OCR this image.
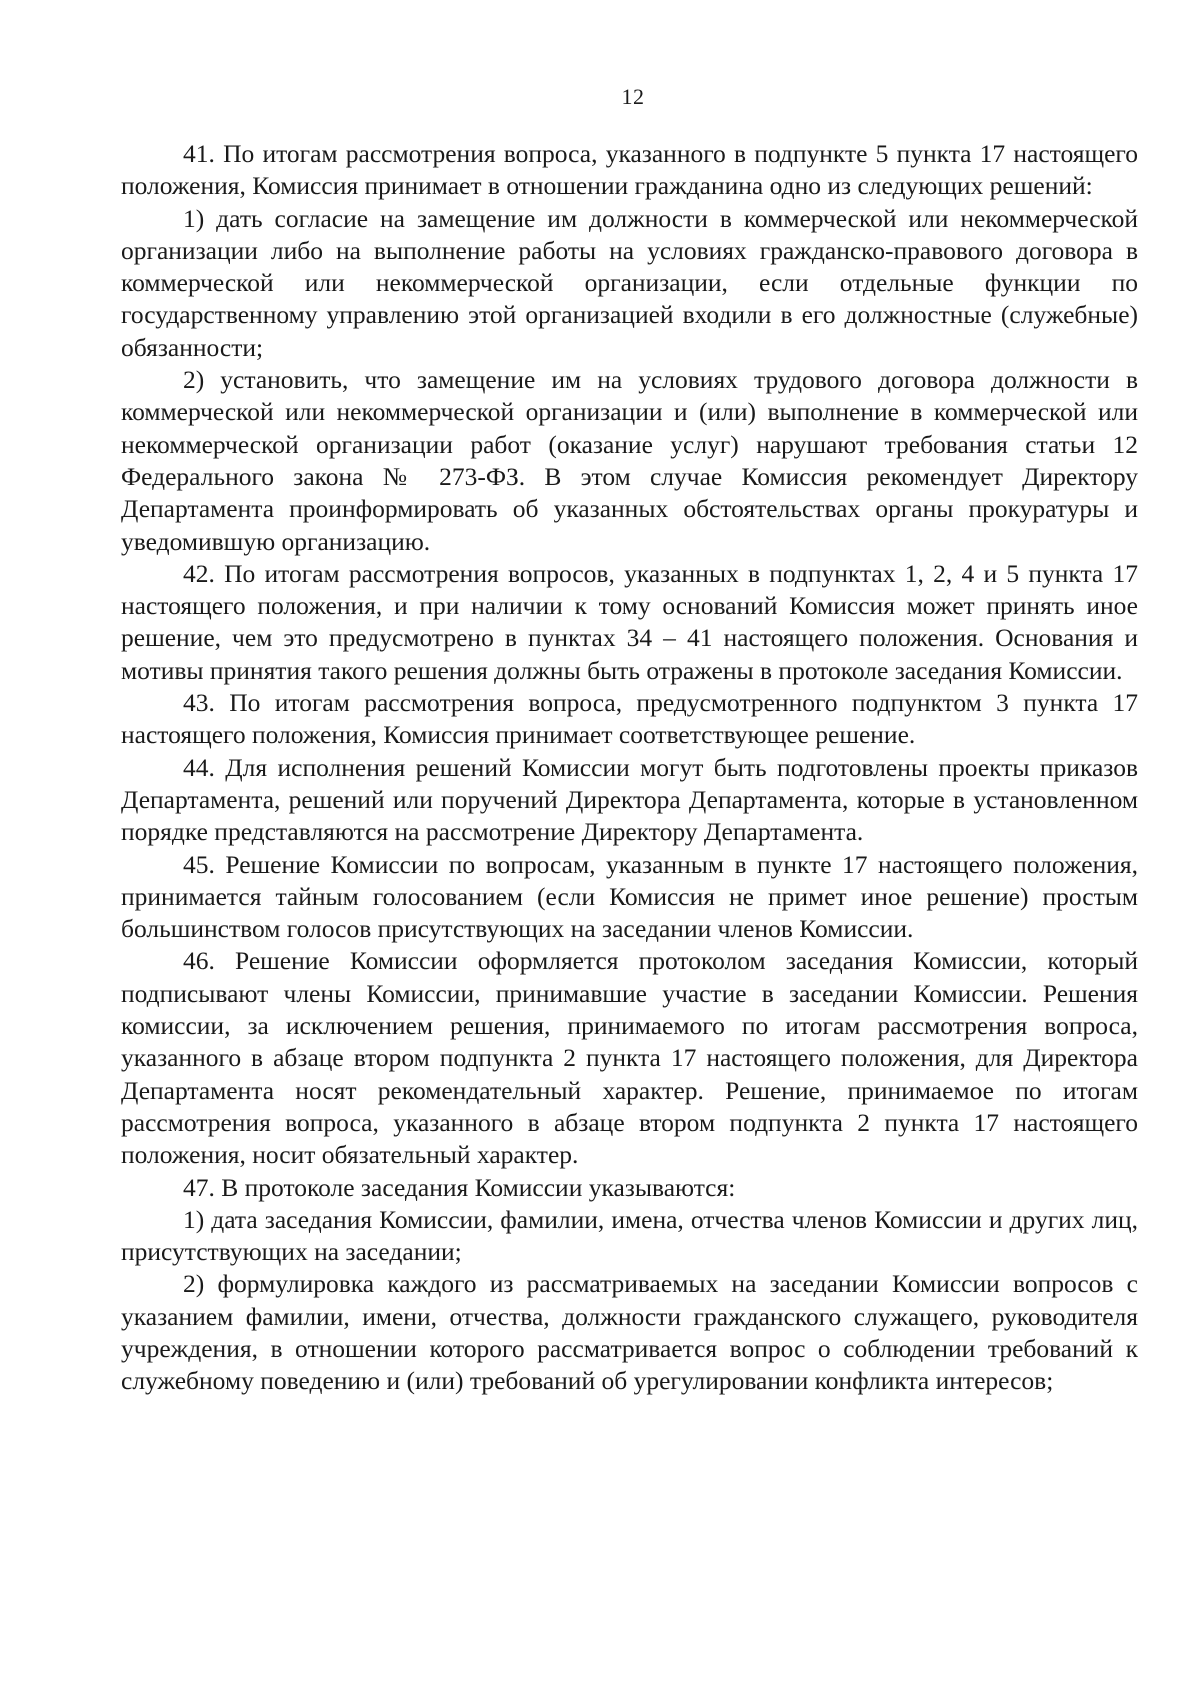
12

41. По итогам рассмотрения вопроса, указанного в подпункте 5 пункта 17 настоящего положения, Комиссия принимает в отношении гражданина одно из следующих решений:

1) дать согласие на замещение им должности в коммерческой или некоммерческой организации либо на выполнение работы на условиях гражданско-правового договора в коммерческой или некоммерческой организации, если отдельные функции по государственному управлению этой организацией входили в его должностные (служебные) обязанности;

2) установить, что замещение им на условиях трудового договора должности в коммерческой или некоммерческой организации и (или) выполнение в коммерческой или некоммерческой организации работ (оказание услуг) нарушают требования статьи 12 Федерального закона № 273-ФЗ. В этом случае Комиссия рекомендует Директору Департамента проинформировать об указанных обстоятельствах органы прокуратуры и уведомившую организацию.

42. По итогам рассмотрения вопросов, указанных в подпунктах 1, 2, 4 и 5 пункта 17 настоящего положения, и при наличии к тому оснований Комиссия может принять иное решение, чем это предусмотрено в пунктах 34 – 41 настоящего положения. Основания и мотивы принятия такого решения должны быть отражены в протоколе заседания Комиссии.

43. По итогам рассмотрения вопроса, предусмотренного подпунктом 3 пункта 17 настоящего положения, Комиссия принимает соответствующее решение.

44. Для исполнения решений Комиссии могут быть подготовлены проекты приказов Департамента, решений или поручений Директора Департамента, которые в установленном порядке представляются на рассмотрение Директору Департамента.

45. Решение Комиссии по вопросам, указанным в пункте 17 настоящего положения, принимается тайным голосованием (если Комиссия не примет иное решение) простым большинством голосов присутствующих на заседании членов Комиссии.

46. Решение Комиссии оформляется протоколом заседания Комиссии, который подписывают члены Комиссии, принимавшие участие в заседании Комиссии. Решения комиссии, за исключением решения, принимаемого по итогам рассмотрения вопроса, указанного в абзаце втором подпункта 2 пункта 17 настоящего положения, для Директора Департамента носят рекомендательный характер. Решение, принимаемое по итогам рассмотрения вопроса, указанного в абзаце втором подпункта 2 пункта 17 настоящего положения, носит обязательный характер.

47. В протоколе заседания Комиссии указываются:

1) дата заседания Комиссии, фамилии, имена, отчества членов Комиссии и других лиц, присутствующих на заседании;

2) формулировка каждого из рассматриваемых на заседании Комиссии вопросов с указанием фамилии, имени, отчества, должности гражданского служащего, руководителя учреждения, в отношении которого рассматривается вопрос о соблюдении требований к служебному поведению и (или) требований об урегулировании конфликта интересов;
